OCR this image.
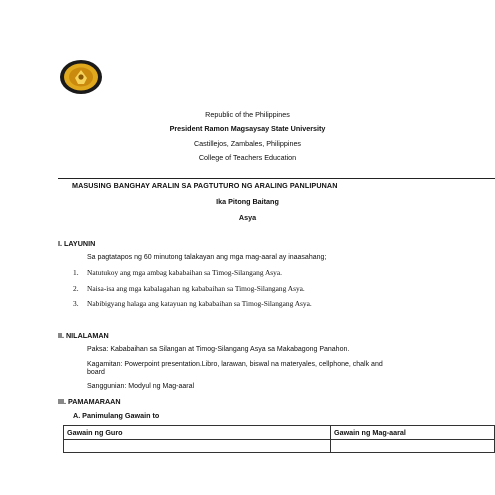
Republic of the Philippines
President Ramon Magsaysay State University
Castillejos, Zambales, Philippines
College of Teachers Education
MASUSING BANGHAY ARALIN SA PAGTUTURO NG ARALING PANLIPUNAN
Ika Pitong Baitang
Asya
I. LAYUNIN
Sa pagtatapos ng 60 minutong talakayan ang mga mag-aaral ay inaasahang;
1. Natutukoy ang mga ambag kababaihan sa Timog-Silangang Asya.
2. Naisa-isa ang mga kabalagahan ng kababaihan sa Timog-Silangang Asya.
3. Nabibigyang halaga ang katayuan ng kababaihan sa Timog-Silangang Asya.
II. NILALAMAN
Paksa: Kababaihan sa Silangan at Timog-Silangang Asya sa Makabagong Panahon.
Kagamitan: Powerpoint presentation.Libro, larawan, biswal na materyales, cellphone, chalk and
board
Sanggunian: Modyul ng Mag-aaral
III. PAMAMARAAN
A. Panimulang Gawain to
Gawain ng Guro	Gawain ng Mag-aaral
